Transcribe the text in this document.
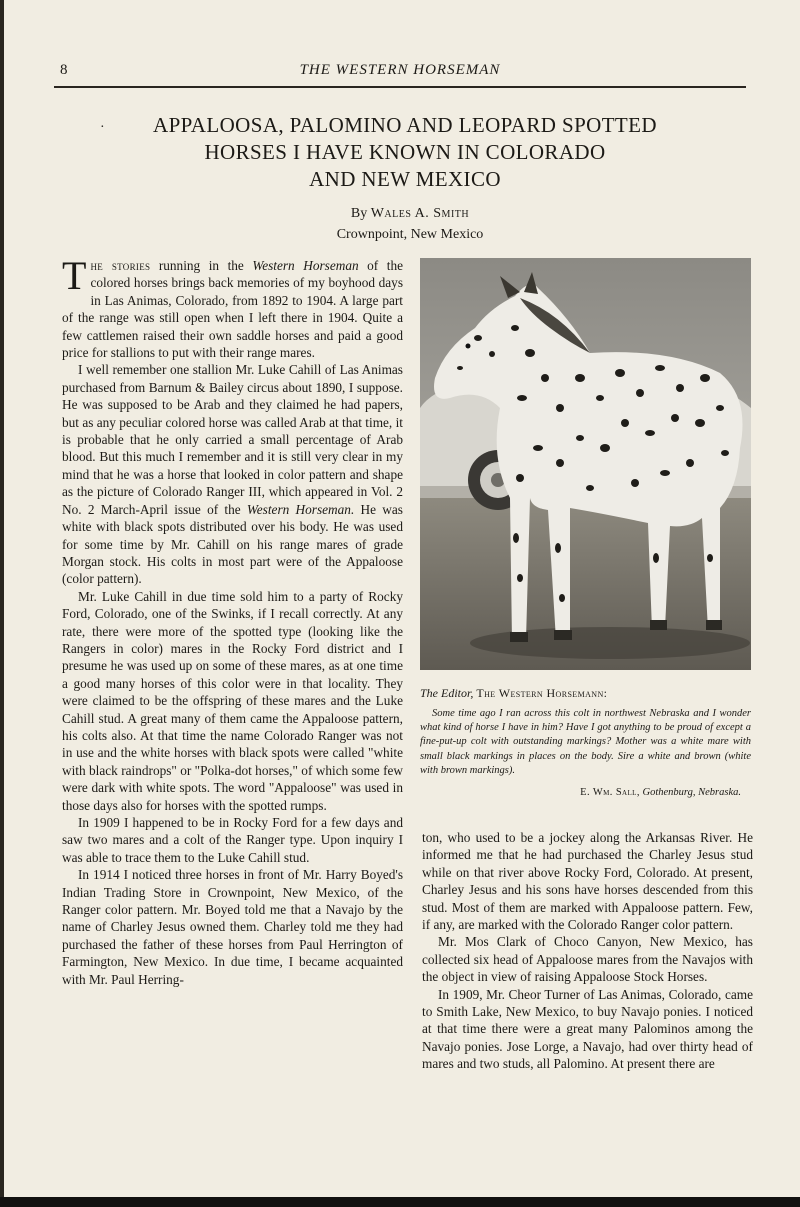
8	THE WESTERN HORSEMAN
·	APPALOOSA, PALOMINO AND LEOPARD SPOTTED
HORSES I HAVE KNOWN IN COLORADO
AND NEW MEXICO
By Wales A. Smith
Crownpoint, New Mexico

The stories running in the Western Horseman of the colored horses brings back memories of my boyhood days in Las Animas, Colorado, from 1892 to 1904. A large part of the range was still open when I left there in 1904. Quite a few cattlemen raised their own saddle horses and paid a good price for stallions to put with their range mares.

I well remember one stallion Mr. Luke Cahill of Las Animas purchased from Barnum & Bailey circus about 1890, I suppose. He was supposed to be Arab and they claimed he had papers, but as any peculiar colored horse was called Arab at that time, it is probable that he only carried a small percentage of Arab blood. But this much I remember and it is still very clear in my mind that he was a horse that looked in color pattern and shape as the picture of Colorado Ranger III, which appeared in Vol. 2 No. 2 March-April issue of the Western Horseman. He was white with black spots distributed over his body. He was used for some time by Mr. Cahill on his range mares of grade Morgan stock. His colts in most part were of the Appaloose (color pattern).

Mr. Luke Cahill in due time sold him to a party of Rocky Ford, Colorado, one of the Swinks, if I recall correctly. At any rate, there were more of the spotted type (looking like the Rangers in color) mares in the Rocky Ford district and I presume he was used up on some of these mares, as at one time a good many horses of this color were in that locality. They were claimed to be the offspring of these mares and the Luke Cahill stud. A great many of them came the Appaloose pattern, his colts also. At that time the name Colorado Ranger was not in use and the white horses with black spots were called "white with black raindrops" or "Polka-dot horses," of which some few were dark with white spots. The word "Appaloose" was used in those days also for horses with the spotted rumps.

In 1909 I happened to be in Rocky Ford for a few days and saw two mares and a colt of the Ranger type. Upon inquiry I was able to trace them to the Luke Cahill stud.

In 1914 I noticed three horses in front of Mr. Harry Boyed's Indian Trading Store in Crownpoint, New Mexico, of the Ranger color pattern. Mr. Boyed told me that a Navajo by the name of Charley Jesus owned them. Charley told me they had purchased the father of these horses from Paul Herrington of Farmington, New Mexico. In due time, I became acquainted with Mr. Paul Herring-

The Editor, The Western Horsemann:
Some time ago I ran across this colt in northwest Nebraska and I wonder what kind of horse I have in him? Have I got anything to be proud of except a fine-put-up colt with outstanding markings? Mother was a white mare with small black markings in places on the body. Sire a white and brown (white with brown markings).
E. Wm. Sall, Gothenburg, Nebraska.

ton, who used to be a jockey along the Arkansas River. He informed me that he had purchased the Charley Jesus stud while on that river above Rocky Ford, Colorado. At present, Charley Jesus and his sons have horses descended from this stud. Most of them are marked with Appaloose pattern. Few, if any, are marked with the Colorado Ranger color pattern.

Mr. Mos Clark of Choco Canyon, New Mexico, has collected six head of Appaloose mares from the Navajos with the object in view of raising Appaloose Stock Horses.

In 1909, Mr. Cheor Turner of Las Animas, Colorado, came to Smith Lake, New Mexico, to buy Navajo ponies. I noticed at that time there were a great many Palominos among the Navajo ponies. Jose Lorge, a Navajo, had over thirty head of mares and two studs, all Palomino. At present there are
